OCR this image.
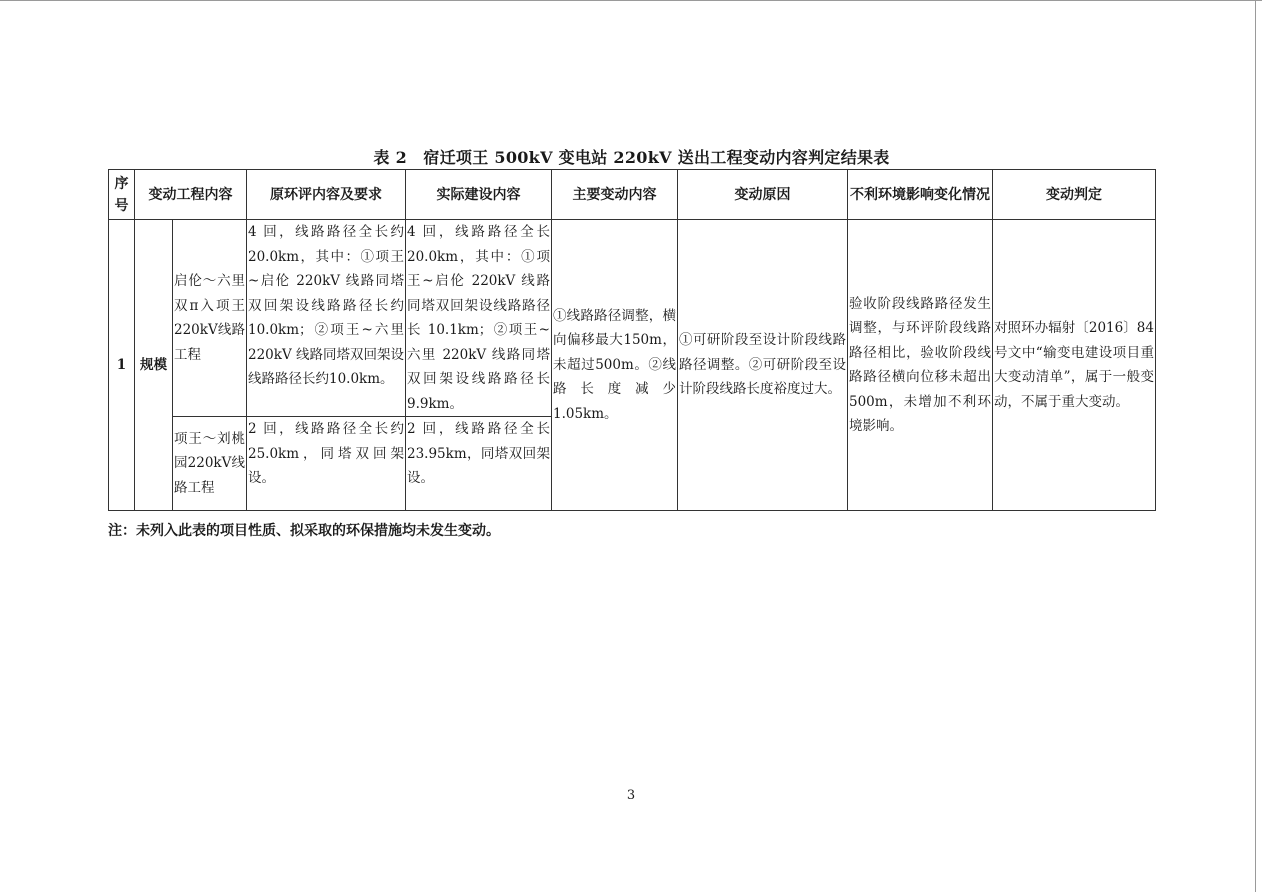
表 2　宿迁项王 500kV 变电站 220kV 送出工程变动内容判定结果表
序号	变动工程内容		原环评内容及要求	实际建设内容	主要变动内容	变动原因	不利环境影响变化情况	变动判定
1	规模	启伦～六里双π入项王220kV线路工程	4 回，线路路径全长约20.0km，其中：①项王~启伦 220kV 线路同塔双回架设线路路径长约 10.0km；②项王~六里 220kV 线路同塔双回架设线路路径长约10.0km。	4 回，线路路径全长20.0km，其中：①项王~启伦 220kV 线路同塔双回架设线路路径长 10.1km；②项王~六里 220kV 线路同塔双回架设线路路径长 9.9km。	①线路路径调整，横向偏移最大150m，未超过500m。②线路长度减少1.05km。	①可研阶段至设计阶段线路路径调整。②可研阶段至设计阶段线路长度裕度过大。	验收阶段线路路径发生调整，与环评阶段线路路径相比，验收阶段线路路径横向位移未超出500m，未增加不利环境影响。	对照环办辐射〔2016〕84 号文中“输变电建设项目重大变动清单”，属于一般变动，不属于重大变动。
		项王～刘桃园220kV线路工程	2 回，线路路径全长约25.0km，同塔双回架设。	2 回，线路路径全长23.95km，同塔双回架设。				
注：未列入此表的项目性质、拟采取的环保措施均未发生变动。
3
